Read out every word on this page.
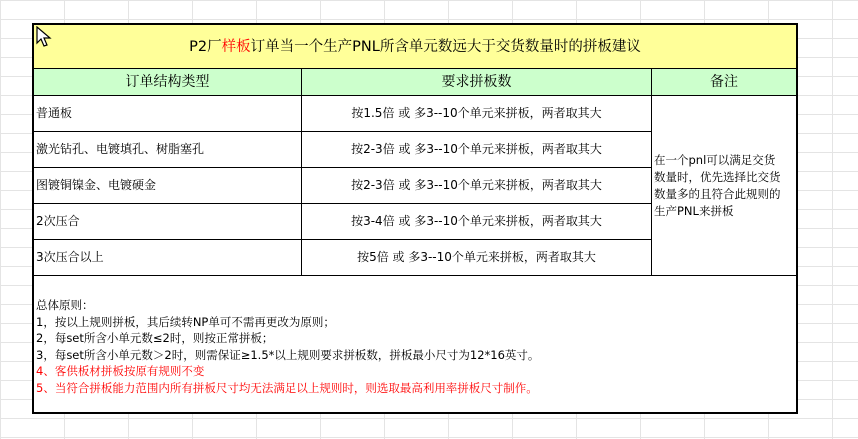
P2厂样板订单当一个生产PNL所含单元数远大于交货数量时的拼板建议
订单结构类型	要求拼板数	备注
普通板	按1.5倍 或 多3--10个单元来拼板，两者取其大
激光钻孔、电镀填孔、树脂塞孔	按2-3倍 或 多3--10个单元来拼板，两者取其大
图镀铜镍金、电镀硬金	按2-3倍 或 多3--10个单元来拼板，两者取其大
2次压合	按3-4倍 或 多3--10个单元来拼板，两者取其大
3次压合以上	按5倍 或 多3--10个单元来拼板，两者取其大
在一个pnl可以满足交货
数量时，优先选择比交货
数量多的且符合此规则的
生产PNL来拼板
总体原则：
1，按以上规则拼板，其后续转NP单可不需再更改为原则；
2，每set所含小单元数≤2时，则按正常拼板；
3，每set所含小单元数＞2时，则需保证≥1.5*以上规则要求拼板数，拼板最小尺寸为12*16英寸。
4、客供板材拼板按原有规则不变
5、当符合拼板能力范围内所有拼板尺寸均无法满足以上规则时，则选取最高利用率拼板尺寸制作。
